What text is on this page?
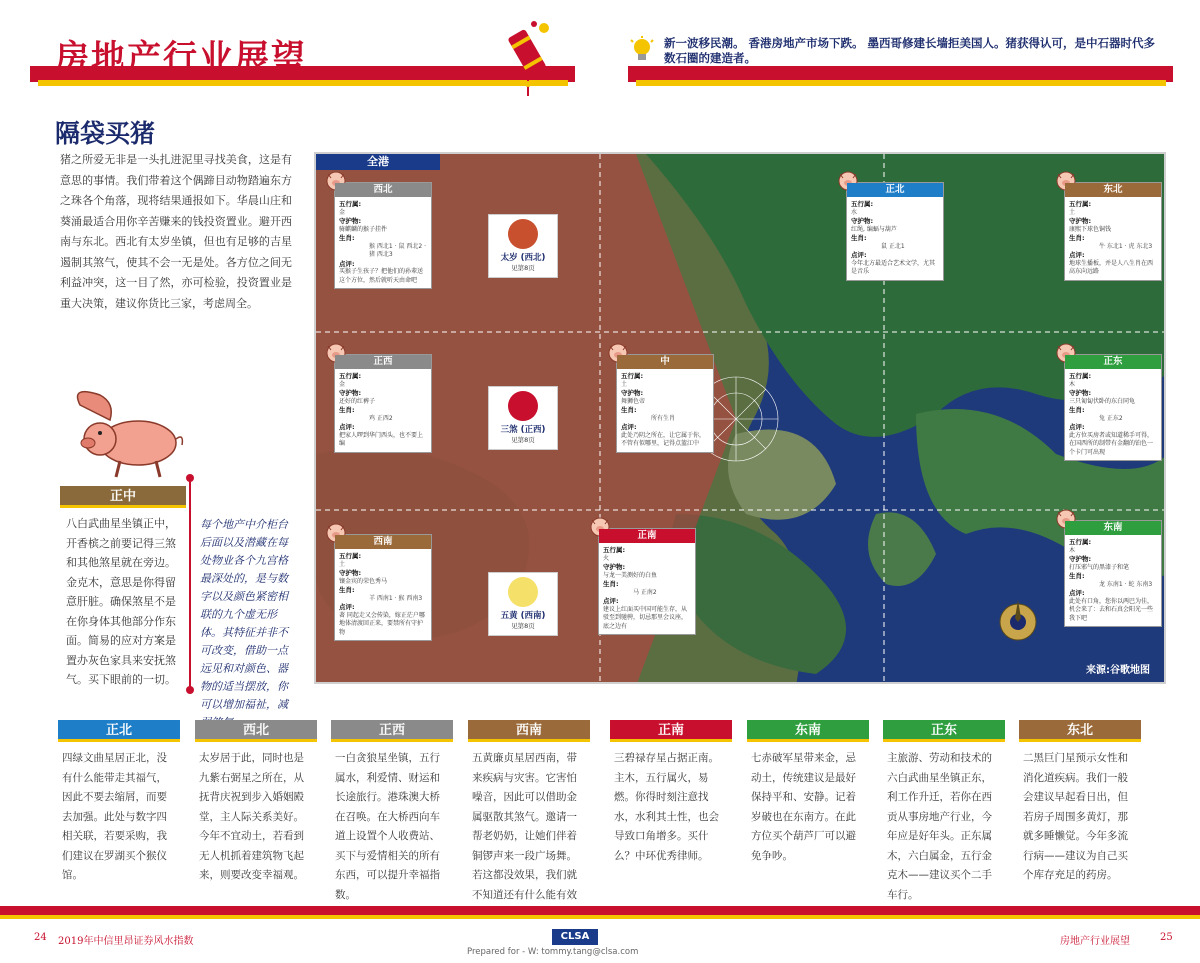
房地产行业展望	新一波移民潮。 香港房地产市场下跌。 墨西哥修建长墙拒美国人。猪获得认可，是中石器时代多数石圈的建造者。
隔袋买猪
猪之所爱无非是一头扎进泥里寻找美食，这是有意思的事情。我们带着这个偶蹄目动物踏遍东方之珠各个角落，现将结果通报如下。华晨山庄和葵涌最适合用你辛苦赚来的钱投资置业。避开西南与东北。西北有太岁坐镇，但也有足够的吉星遏制其煞气，使其不会一无是处。各方位之间无利益冲突，这一目了然，亦可检验，投资置业是重大决策，建议你货比三家，考虑周全。
正中
八白武曲星坐镇正中，开香槟之前要记得三煞和其他煞星就在旁边。金克木，意思是你得留意肝脏。确保煞星不是在你身体其他部分作东面。简易的应对方案是置办灰色家具来安抚煞气。买下眼前的一切。
每个地产中介柜台后面以及潜藏在每处物业各个九宫格最深处的，是与数字以及颜色紧密相联的九个虚无形体。其特征并非不可改变，借助一点远见和对颜色、器物的适当摆放，你可以增加福祉，减
全港
西北
五行属:
金
守护物:
骑麒麟的猴子挂件
生肖:
猴 西北1 · 鼠 西北2 · 猪 西北3
点评:
买猴子生孩子？把他们的孙辈送这个方位，然后就听天由命吧
正北
五行属:
水
守护物:
红绳, 编蝠与葫芦
生肖:
鼠 正北1
点评:
今年北方最适合艺术文学，尤其是音乐
东北
五行属:
土
守护物:
康熙下球色铜钱
生肖:
牛 东北1 · 虎 东北3
点评:
地球生播板，并是人八生肖在西高东向远路
正西
五行属:
金
守护物:
还好的红裤子
生肖:
鸡 正西2
点评:
把家人啰到华门西头，也不要上编
中
五行属:
土
守护物:
舞狮色帝
生肖:
所有生肖
点评:
此处乃阴之所在，让它属于你，不管有似哪里，记得点篮江中
正东
五行属:
木
守护物:
三只匍匐伏卧的东白同龟
生肖:
兔 正东2
点评:
此方位买房者或知道稀手可得，在国西所的制带有金翻的铂色一个卡门可出现
西南
五行属:
土
守护物:
镶金宾的荣色秀马
生肖:
羊 西南1 · 猴 西南3
点评:
著 同起走又会传染，嫁正茫户哪地体清渡回正来，要禁所有守护物
正南
五行属:
火
守护物:
与龙一美测好的白鱼
生肖:
马 正南2
点评:
建议上红面买中国可能生存，从驳至到驰骋，切忌那里会议座，底之边有
东南
五行属:
木
守护物:
打压邪气的黑漆子和笔
生肖:
龙 东南1 · 蛇 东南3
点评:
此处有口角，您你以两巴为佳，机会来了：去和石真会阳光一些我下吧
太岁 (西北)
见第8页
三煞 (正西)
见第8页
五黄 (西南)
见第8页
来源:谷歌地图
正北
四绿文曲星居正北，没有什么能带走其福气，因此不要去缩屑，而要去加强。此处与数字四相关联，若要采购，我们建议在罗湖买个猴仪馆。
西北
太岁居于此，同时也是九紫右弼星之所在，从抚背庆祝到步入婚姻殿堂，主人际关系美好。今年不宜动土，若看到无人机抓着建筑物飞起来，则要改变幸福观。
正西
一白贪狼星坐镇，五行属水，利爱情、财运和长途旅行。港珠澳大桥在召唤。在大桥西向车道上设置个人收费站、买下与爱情相关的所有东西，可以提升幸福指数。
西南
五黄廉贞星居西南，带来疾病与灾害。它害怕噪音，因此可以借助金属驱散其煞气。邀请一帮老奶奶，让她们伴着铜锣声来一段广场舞。若这都没效果，我们就不知道还有什么能有效
正南
三碧禄存星占据正南。主木，五行属火，易燃。你得时刻注意找水，水利其土性，也会导致口角增多。买什么？中环优秀律师。
东南
七赤破军星带来金，忌动土，传统建议是最好保持平和、安静。记着岁破也在东南方。在此方位买个葫芦厂可以避免争吵。
正东
主旅游、劳动和技术的六白武曲星坐镇正东，利工作升迁，若你在西贡从事房地产行业，今年应是好年头。正东属木，六白属金，五行金克木——建议买个二手车行。
东北
二黑巨门星预示女性和消化道疾病。我们一般会建议早起看日出，但若房子周围多黄灯，那就多睡懒觉。今年多流行病——建议为自己买个库存充足的药房。
24 2019年中信里昂证券风水指数	CLSA	房地产行业展望	25
Prepared for - W: tommy.tang@clsa.com
